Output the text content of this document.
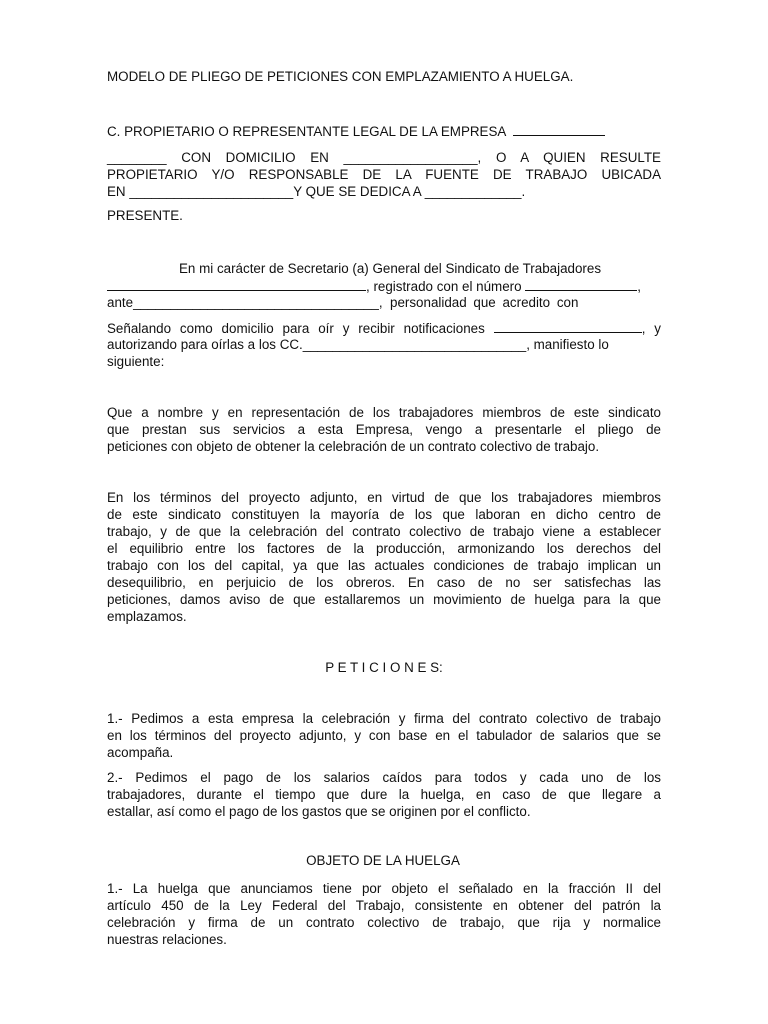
MODELO DE PLIEGO DE PETICIONES CON EMPLAZAMIENTO A HUELGA.
C. PROPIETARIO O REPRESENTANTE LEGAL DE LA EMPRESA
________ CON DOMICILIO EN __________________, O A QUIEN RESULTE
PROPIETARIO Y/O RESPONSABLE DE LA FUENTE DE TRABAJO UBICADA
EN ______________________Y QUE SE DEDICA A _____________.
PRESENTE.
En mi carácter de Secretario (a) General del Sindicato de Trabajadores
, registrado con el número	,
ante_________________________________, personalidad que acredito con
Señalando como domicilio para oír y recibir notificaciones	, y
autorizando para oírlas a los CC.______________________________, manifiesto lo
siguiente:
Que a nombre y en representación de los trabajadores miembros de este sindicato
que prestan sus servicios a esta Empresa, vengo a presentarle el pliego de
peticiones con objeto de obtener la celebración de un contrato colectivo de trabajo.
En los términos del proyecto adjunto, en virtud de que los trabajadores miembros
de este sindicato constituyen la mayoría de los que laboran en dicho centro de
trabajo, y de que la celebración del contrato colectivo de trabajo viene a establecer
el equilibrio entre los factores de la producción, armonizando los derechos del
trabajo con los del capital, ya que las actuales condiciones de trabajo implican un
desequilibrio, en perjuicio de los obreros. En caso de no ser satisfechas las
peticiones, damos aviso de que estallaremos un movimiento de huelga para la que
emplazamos.
P E T I C I O N E S:
1.- Pedimos a esta empresa la celebración y firma del contrato colectivo de trabajo
en los términos del proyecto adjunto, y con base en el tabulador de salarios que se
acompaña.
2.- Pedimos el pago de los salarios caídos para todos y cada uno de los
trabajadores, durante el tiempo que dure la huelga, en caso de que llegare a
estallar, así como el pago de los gastos que se originen por el conflicto.
OBJETO DE LA HUELGA
1.- La huelga que anunciamos tiene por objeto el señalado en la fracción II del
artículo 450 de la Ley Federal del Trabajo, consistente en obtener del patrón la
celebración y firma de un contrato colectivo de trabajo, que rija y normalice
nuestras relaciones.
